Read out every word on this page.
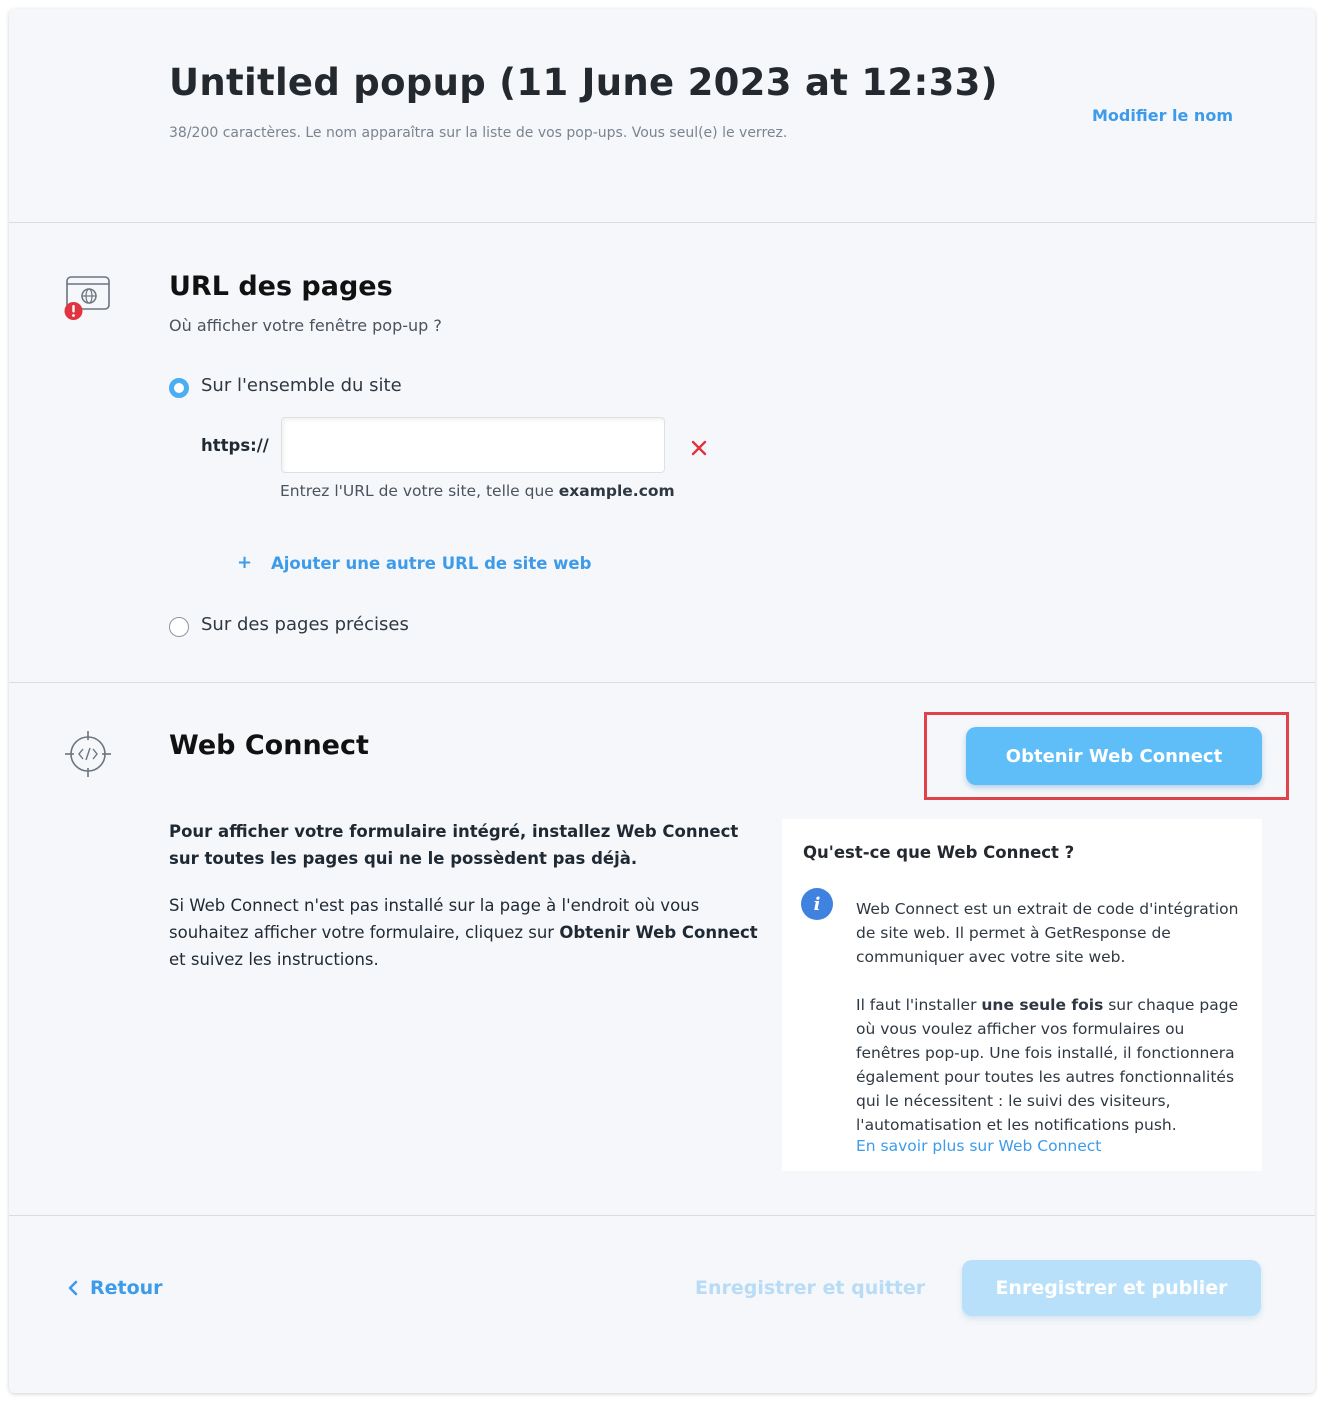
Untitled popup (11 June 2023 at 12:33)
38/200 caractères. Le nom apparaîtra sur la liste de vos pop-ups. Vous seul(e) le verrez.
Modifier le nom
URL des pages
Où afficher votre fenêtre pop-up ?
Sur l'ensemble du site
https://
Entrez l'URL de votre site, telle que example.com
+ Ajouter une autre URL de site web
Sur des pages précises
Web Connect	Obtenir Web Connect
Pour afficher votre formulaire intégré, installez Web Connect sur toutes les pages qui ne le possèdent pas déjà.
Si Web Connect n'est pas installé sur la page à l'endroit où vous souhaitez afficher votre formulaire, cliquez sur Obtenir Web Connect et suivez les instructions.
Qu'est-ce que Web Connect ?
i	Web Connect est un extrait de code d'intégration de site web. Il permet à GetResponse de communiquer avec votre site web.
Il faut l'installer une seule fois sur chaque page où vous voulez afficher vos formulaires ou fenêtres pop-up. Une fois installé, il fonctionnera également pour toutes les autres fonctionnalités qui le nécessitent : le suivi des visiteurs, l'automatisation et les notifications push.
En savoir plus sur Web Connect
Retour	Enregistrer et quitter	Enregistrer et publier
